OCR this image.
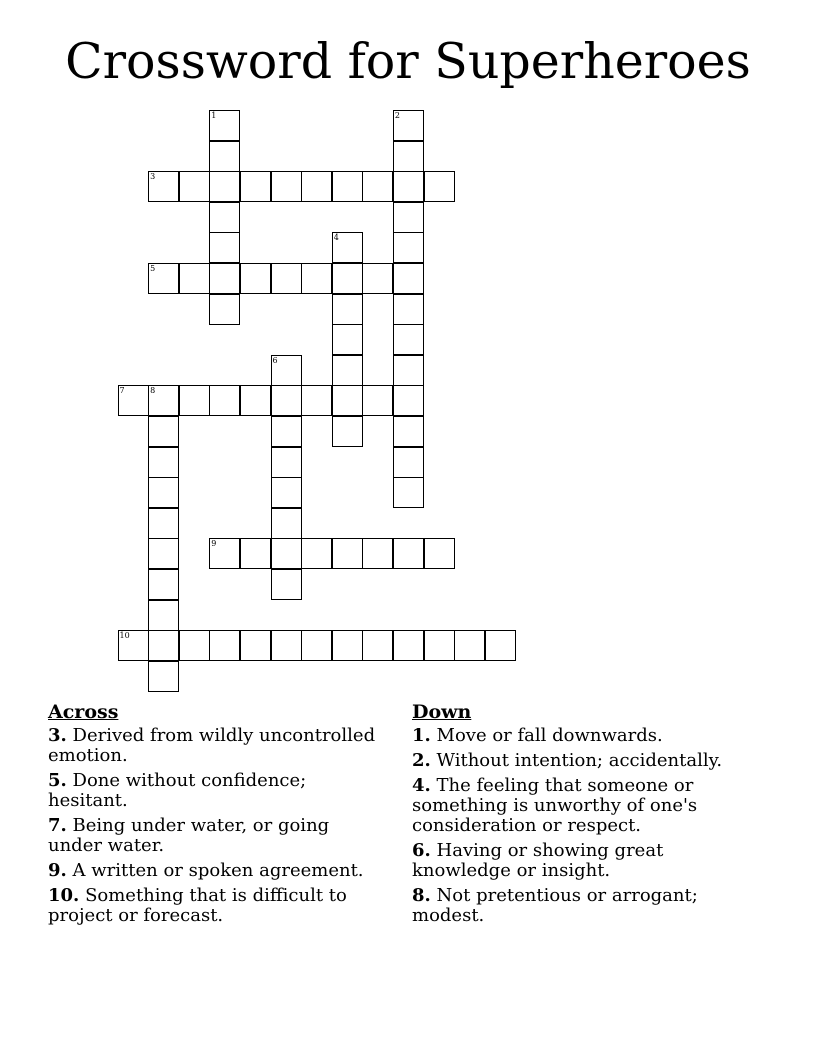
Crossword for Superheroes
1	2
3
4
5
6
7	8
9
10
Across
3. Derived from wildly uncontrolled emotion.
5. Done without confidence; hesitant.
7. Being under water, or going under water.
9. A written or spoken agreement.
10. Something that is difficult to project or forecast.
Down
1. Move or fall downwards.
2. Without intention; accidentally.
4. The feeling that someone or something is unworthy of one's consideration or respect.
6. Having or showing great knowledge or insight.
8. Not pretentious or arrogant; modest.
